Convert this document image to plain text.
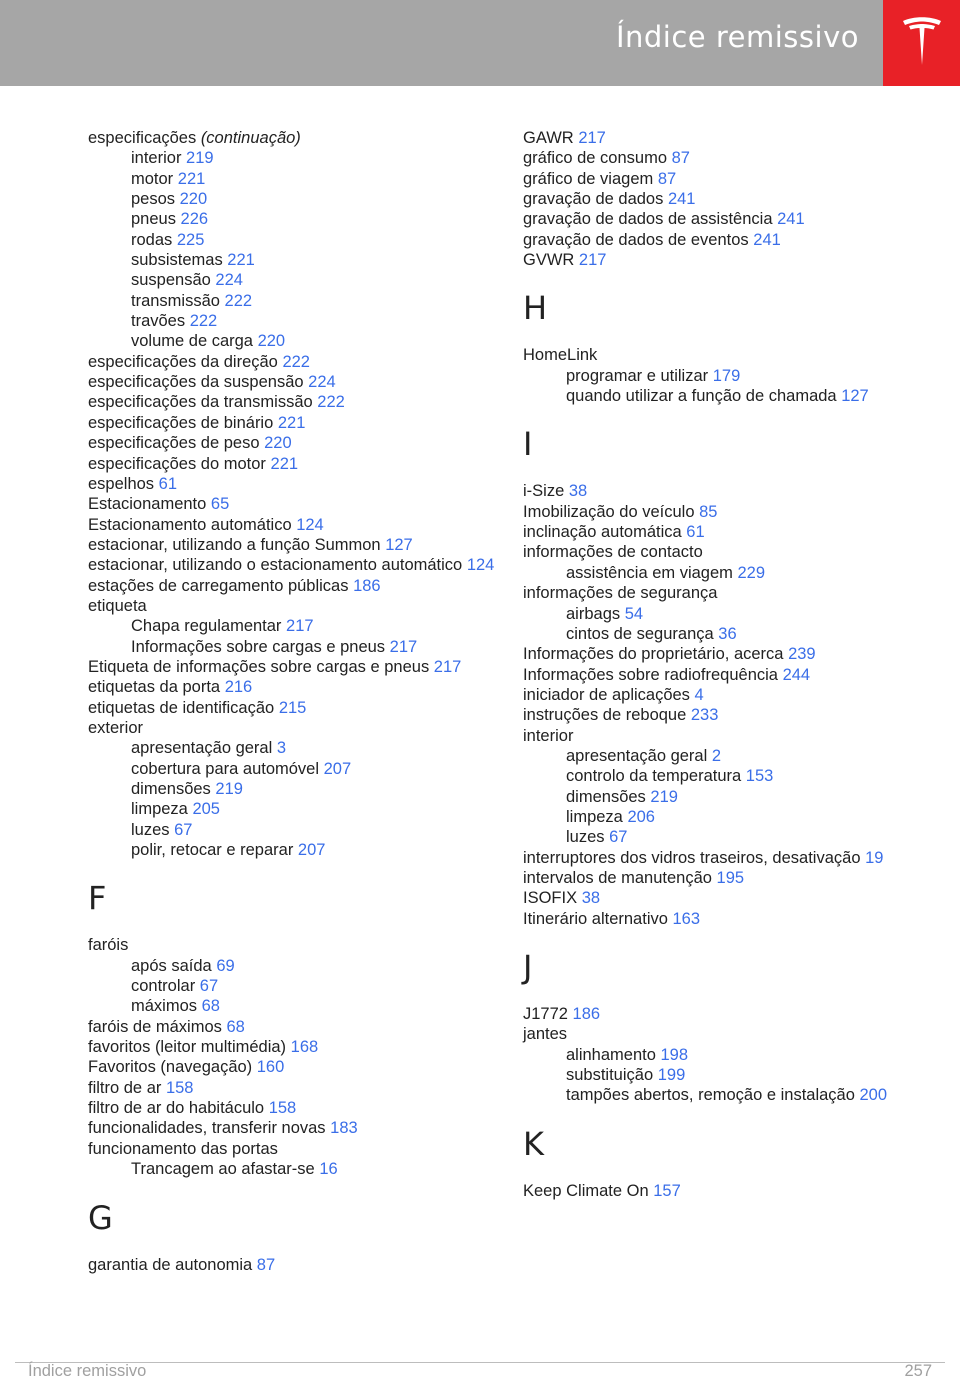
Índice remissivo
especificações (continuação)
interior 219
motor 221
pesos 220
pneus 226
rodas 225
subsistemas 221
suspensão 224
transmissão 222
travões 222
volume de carga 220
especificações da direção 222
especificações da suspensão 224
especificações da transmissão 222
especificações de binário 221
especificações de peso 220
especificações do motor 221
espelhos 61
Estacionamento 65
Estacionamento automático 124
estacionar, utilizando a função Summon 127
estacionar, utilizando o estacionamento automático 124
estações de carregamento públicas 186
etiqueta
Chapa regulamentar 217
Informações sobre cargas e pneus 217
Etiqueta de informações sobre cargas e pneus 217
etiquetas da porta 216
etiquetas de identificação 215
exterior
apresentação geral 3
cobertura para automóvel 207
dimensões 219
limpeza 205
luzes 67
polir, retocar e reparar 207
F
faróis
após saída 69
controlar 67
máximos 68
faróis de máximos 68
favoritos (leitor multimédia) 168
Favoritos (navegação) 160
filtro de ar 158
filtro de ar do habitáculo 158
funcionalidades, transferir novas 183
funcionamento das portas
Trancagem ao afastar-se 16
G
garantia de autonomia 87
GAWR 217
gráfico de consumo 87
gráfico de viagem 87
gravação de dados 241
gravação de dados de assistência 241
gravação de dados de eventos 241
GVWR 217
H
HomeLink
programar e utilizar 179
quando utilizar a função de chamada 127
I
i-Size 38
Imobilização do veículo 85
inclinação automática 61
informações de contacto
assistência em viagem 229
informações de segurança
airbags 54
cintos de segurança 36
Informações do proprietário, acerca 239
Informações sobre radiofrequência 244
iniciador de aplicações 4
instruções de reboque 233
interior
apresentação geral 2
controlo da temperatura 153
dimensões 219
limpeza 206
luzes 67
interruptores dos vidros traseiros, desativação 19
intervalos de manutenção 195
ISOFIX 38
Itinerário alternativo 163
J
J1772 186
jantes
alinhamento 198
substituição 199
tampões abertos, remoção e instalação 200
K
Keep Climate On 157
Índice remissivo	257
